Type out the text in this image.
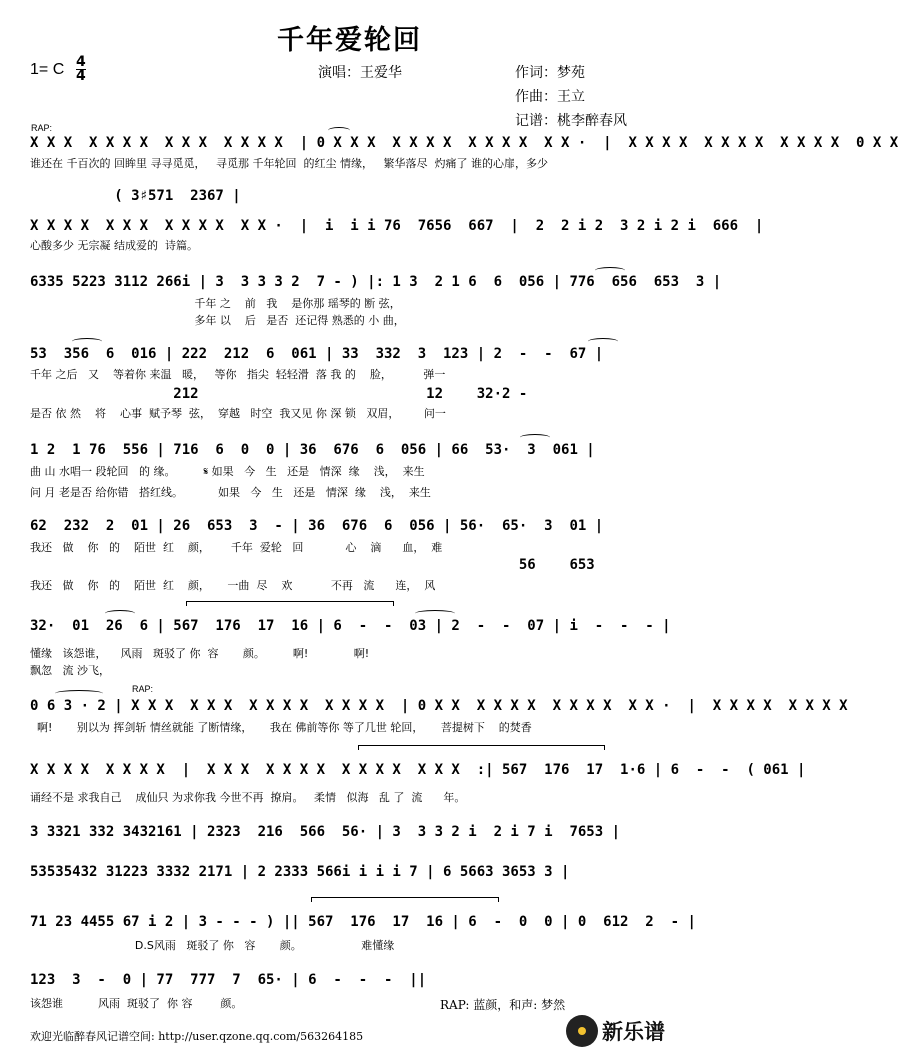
千年爱轮回
1= C 4
4	演唱：王爱华	作词：梦苑
作曲：王立
记谱：桃李醉春风
RAP:
RAP:
X X X  X X X X  X X X  X X X X  | 0 X X X  X X X X  X X X X  X X ·  |  X X X X  X X X X  X X X X  0 X X
谁还在 千百次的 回眸里 寻寻觅觅，   寻觅那 千年轮回  的红尘 情缘，   繁华落尽  灼痛了 谁的心扉，多少
( 3♯571  2367 |
X X X X  X X X  X X X X  X X ·  |  i  i i 76  7656  667  |  2  2 i 2  3 2 i 2 i  666  |
心酸多少 无宗凝 结成爱的  诗篇。
6335 5223 3112 266i | 3  3 3 3 2  7 - ) |: 1 3  2 1 6  6  056 | 776  656  653  3 |
千年 之    前   我    是你那 瑶琴的 断 弦，
多年 以    后   是否  还记得 熟悉的 小 曲，
53  356  6  016 | 222  212  6  061 | 33  332  3  123 | 2  -  -  67 |
千年 之后   又    等着你 来温   暖，   等你   指尖  轻轻滑  落 我 的    脸，         弹一
212                           12    32·2 -
是否 依 然    将    心事  赋予琴  弦，  穿越   时空  我又见 你 深 锁   双眉，       问一
1 2  1 76  556 | 716  6  0  0 | 36  676  6  056 | 66  53·  3  061 |
曲 山 水唱一 段轮回   的 缘。        𝄋 如果   今   生   还是   情深  缘    浅，  来生
问 月 老是否 给你错   搭红线。          如果   今   生   还是   情深  缘    浅，  来生
62  232  2  01 | 26  653  3  - | 36  676  6  056 | 56·  65·  3  01 |
我还   做    你   的    陌世  红    颜，      千年  爱轮   回            心    滴      血，  难
56    653
我还   做    你   的    陌世  红    颜，     一曲  尽    欢           不再   流      连，  风
32·  01  26  6 | 567  176  17  16 | 6  -  -  03 | 2  -  -  07 | i  -  -  - |
懂缘   该怨谁，    风雨   斑驳了 你  容       颜。        啊!             啊!
飘忽   流 沙飞，
0 6 3 · 2 | X X X  X X X  X X X X  X X X X  | 0 X X  X X X X  X X X X  X X ·  |  X X X X  X X X X
啊!       别以为 挥剑斩 情丝就能 了断情缘，     我在 佛前等你 等了几世 轮回，     菩提树下    的焚香
X X X X  X X X X  |  X X X  X X X X  X X X X  X X X  :| 567  176  17  1·6 | 6  -  -  ( 061 |
诵经不是 求我自己    成仙只 为求你我 今世不再  撩肩。   柔情   似海   乱 了  流      年。
3 3321 332 3432161 | 2323  216  566  56· | 3  3 3 2 i  2 i 7 i  7653 |
53535432 31223 3332 2171 | 2 2333 566i i i i 7 | 6 5663 3653 3 |
71 23 4455 67 i 2 | 3 - - - ) || 567  176  17  16 | 6  -  0  0 | 0  612  2  - |
D.S风雨   斑驳了 你   容       颜。                 难懂缘
123  3  -  0 | 77  777  7  65· | 6  -  -  -  ||
该怨谁          风雨  斑驳了  你 容        颜。	RAP: 蓝颜，和声: 梦然
欢迎光临醉春风记谱空间: http://user.qzone.qq.com/563264185	新乐谱
